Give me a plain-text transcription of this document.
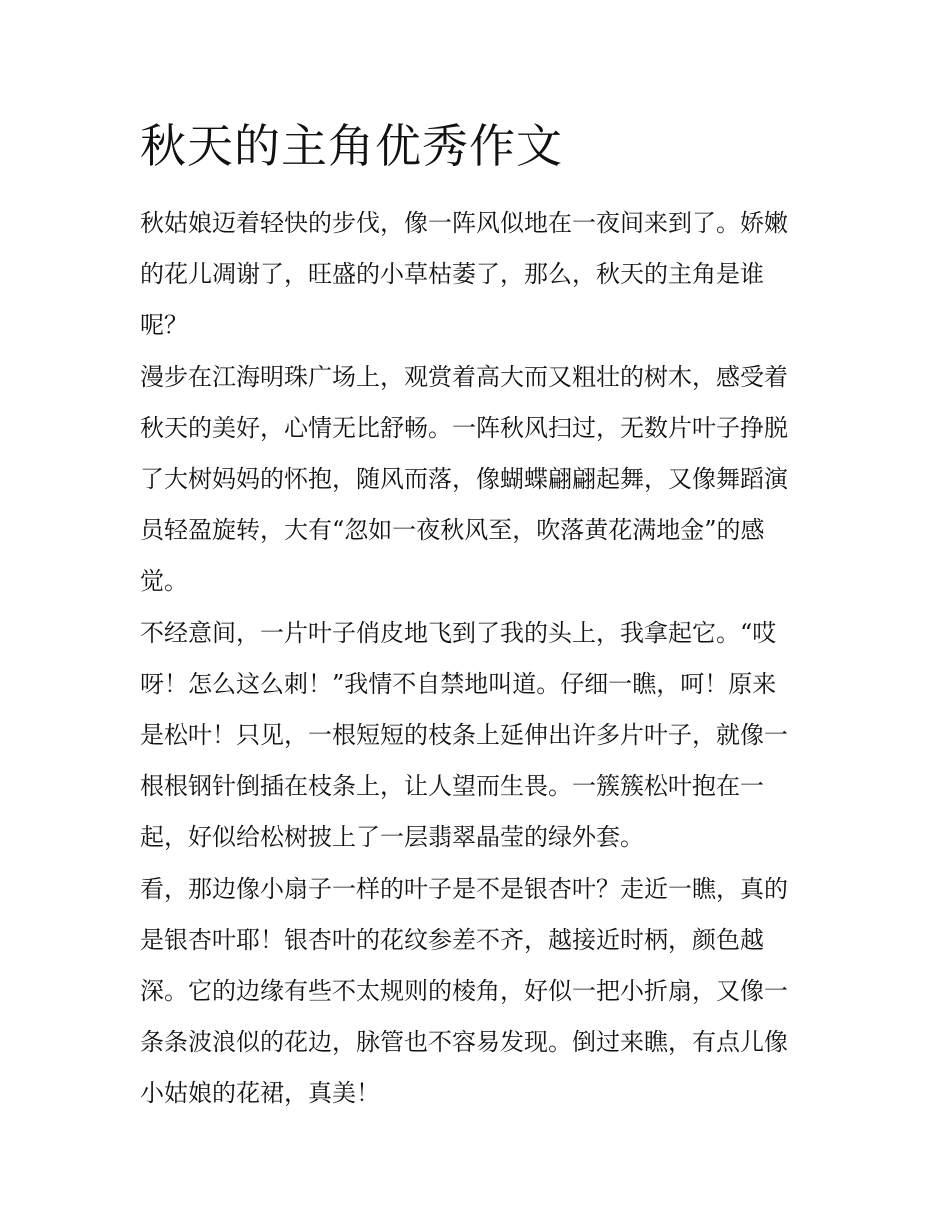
秋天的主角优秀作文

秋姑娘迈着轻快的步伐，像一阵风似地在一夜间来到了。娇嫩
的花儿凋谢了，旺盛的小草枯萎了，那么，秋天的主角是谁
呢？

漫步在江海明珠广场上，观赏着高大而又粗壮的树木，感受着
秋天的美好，心情无比舒畅。一阵秋风扫过，无数片叶子挣脱
了大树妈妈的怀抱，随风而落，像蝴蝶翩翩起舞，又像舞蹈演
员轻盈旋转，大有“忽如一夜秋风至，吹落黄花满地金”的感
觉。

不经意间，一片叶子俏皮地飞到了我的头上，我拿起它。“哎
呀！怎么这么刺！”我情不自禁地叫道。仔细一瞧，呵！原来
是松叶！只见，一根短短的枝条上延伸出许多片叶子，就像一
根根钢针倒插在枝条上，让人望而生畏。一簇簇松叶抱在一
起，好似给松树披上了一层翡翠晶莹的绿外套。

看，那边像小扇子一样的叶子是不是银杏叶？走近一瞧，真的
是银杏叶耶！银杏叶的花纹参差不齐，越接近时柄，颜色越
深。它的边缘有些不太规则的棱角，好似一把小折扇，又像一
条条波浪似的花边，脉管也不容易发现。倒过来瞧，有点儿像
小姑娘的花裙，真美！
